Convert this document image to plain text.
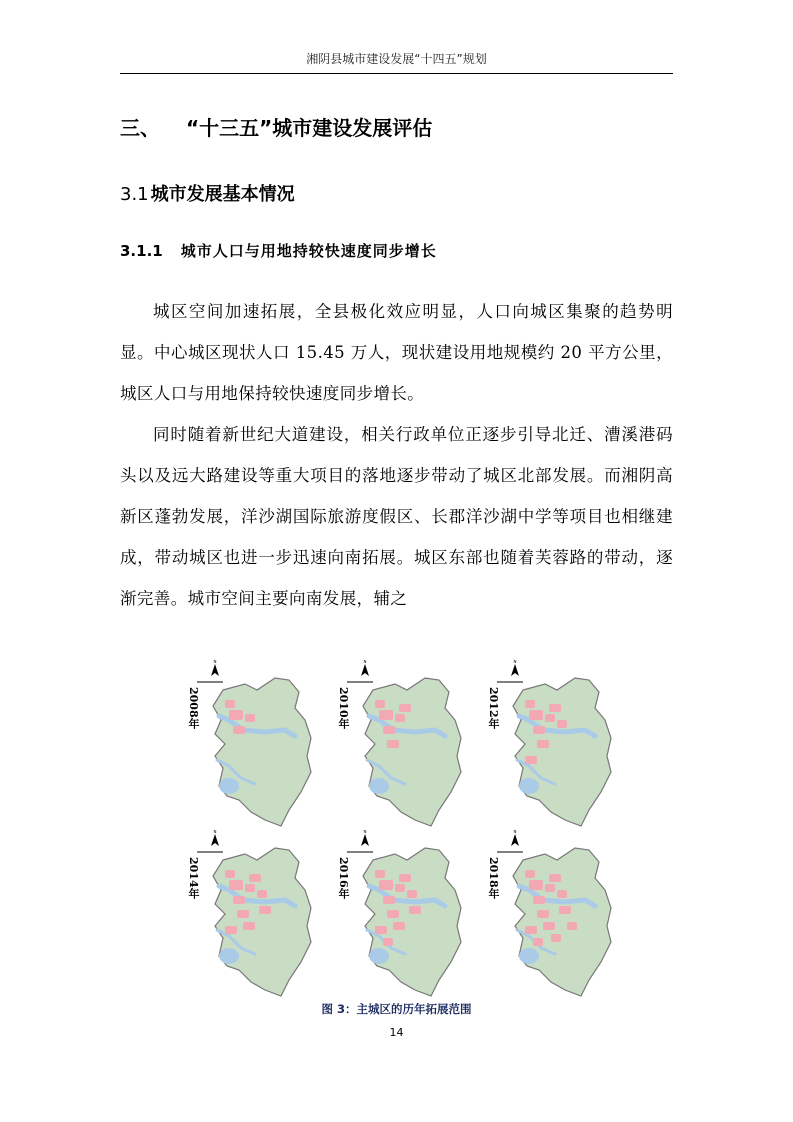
湘阴县城市建设发展“十四五”规划
三、 “十三五”城市建设发展评估
3.1 城市发展基本情况
3.1.1 城市人口与用地持较快速度同步增长

城区空间加速拓展，全县极化效应明显，人口向城区集聚的趋势明显。中心城区现状人口 15.45 万人，现状建设用地规模约 20 平方公里，城区人口与用地保持较快速度同步增长。

同时随着新世纪大道建设，相关行政单位正逐步引导北迁、漕溪港码头以及远大路建设等重大项目的落地逐步带动了城区北部发展。而湘阴高新区蓬勃发展，洋沙湖国际旅游度假区、长郡洋沙湖中学等项目也相继建成，带动城区也进一步迅速向南拓展。城区东部也随着芙蓉路的带动，逐渐完善。城市空间主要向南发展，辅之

N
2008年
N
2010年
N
2012年
N
2014年
N
2016年
N
2018年
图 3：主城区的历年拓展范围
14
